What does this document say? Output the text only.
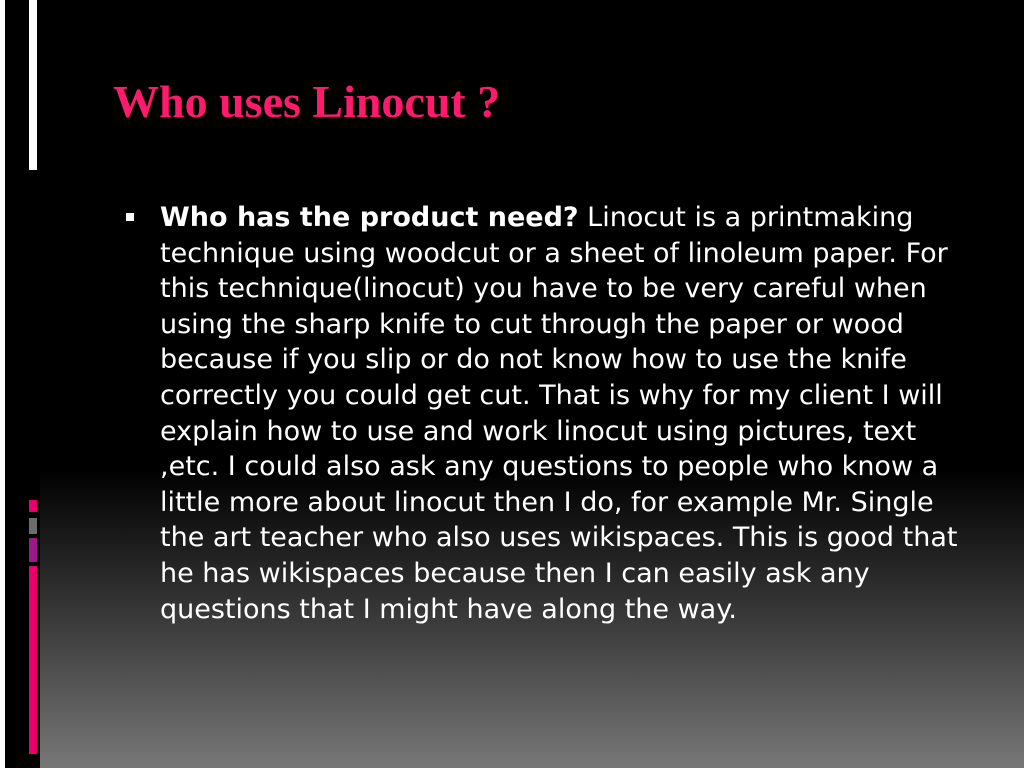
Who uses Linocut ?
Who has the product need? Linocut is a printmaking technique using woodcut or a sheet of linoleum paper. For this technique(linocut) you have to be very careful when using the sharp knife to cut through the paper or wood because if you slip or do not know how to use the knife correctly you could get cut. That is why for my client I will explain how to use and work linocut using pictures, text ,etc. I could also ask any questions to people who know a little more about linocut then I do, for example Mr. Single the art teacher who also uses wikispaces. This is good that he has wikispaces because then I can easily ask any questions that I might have along the way.
